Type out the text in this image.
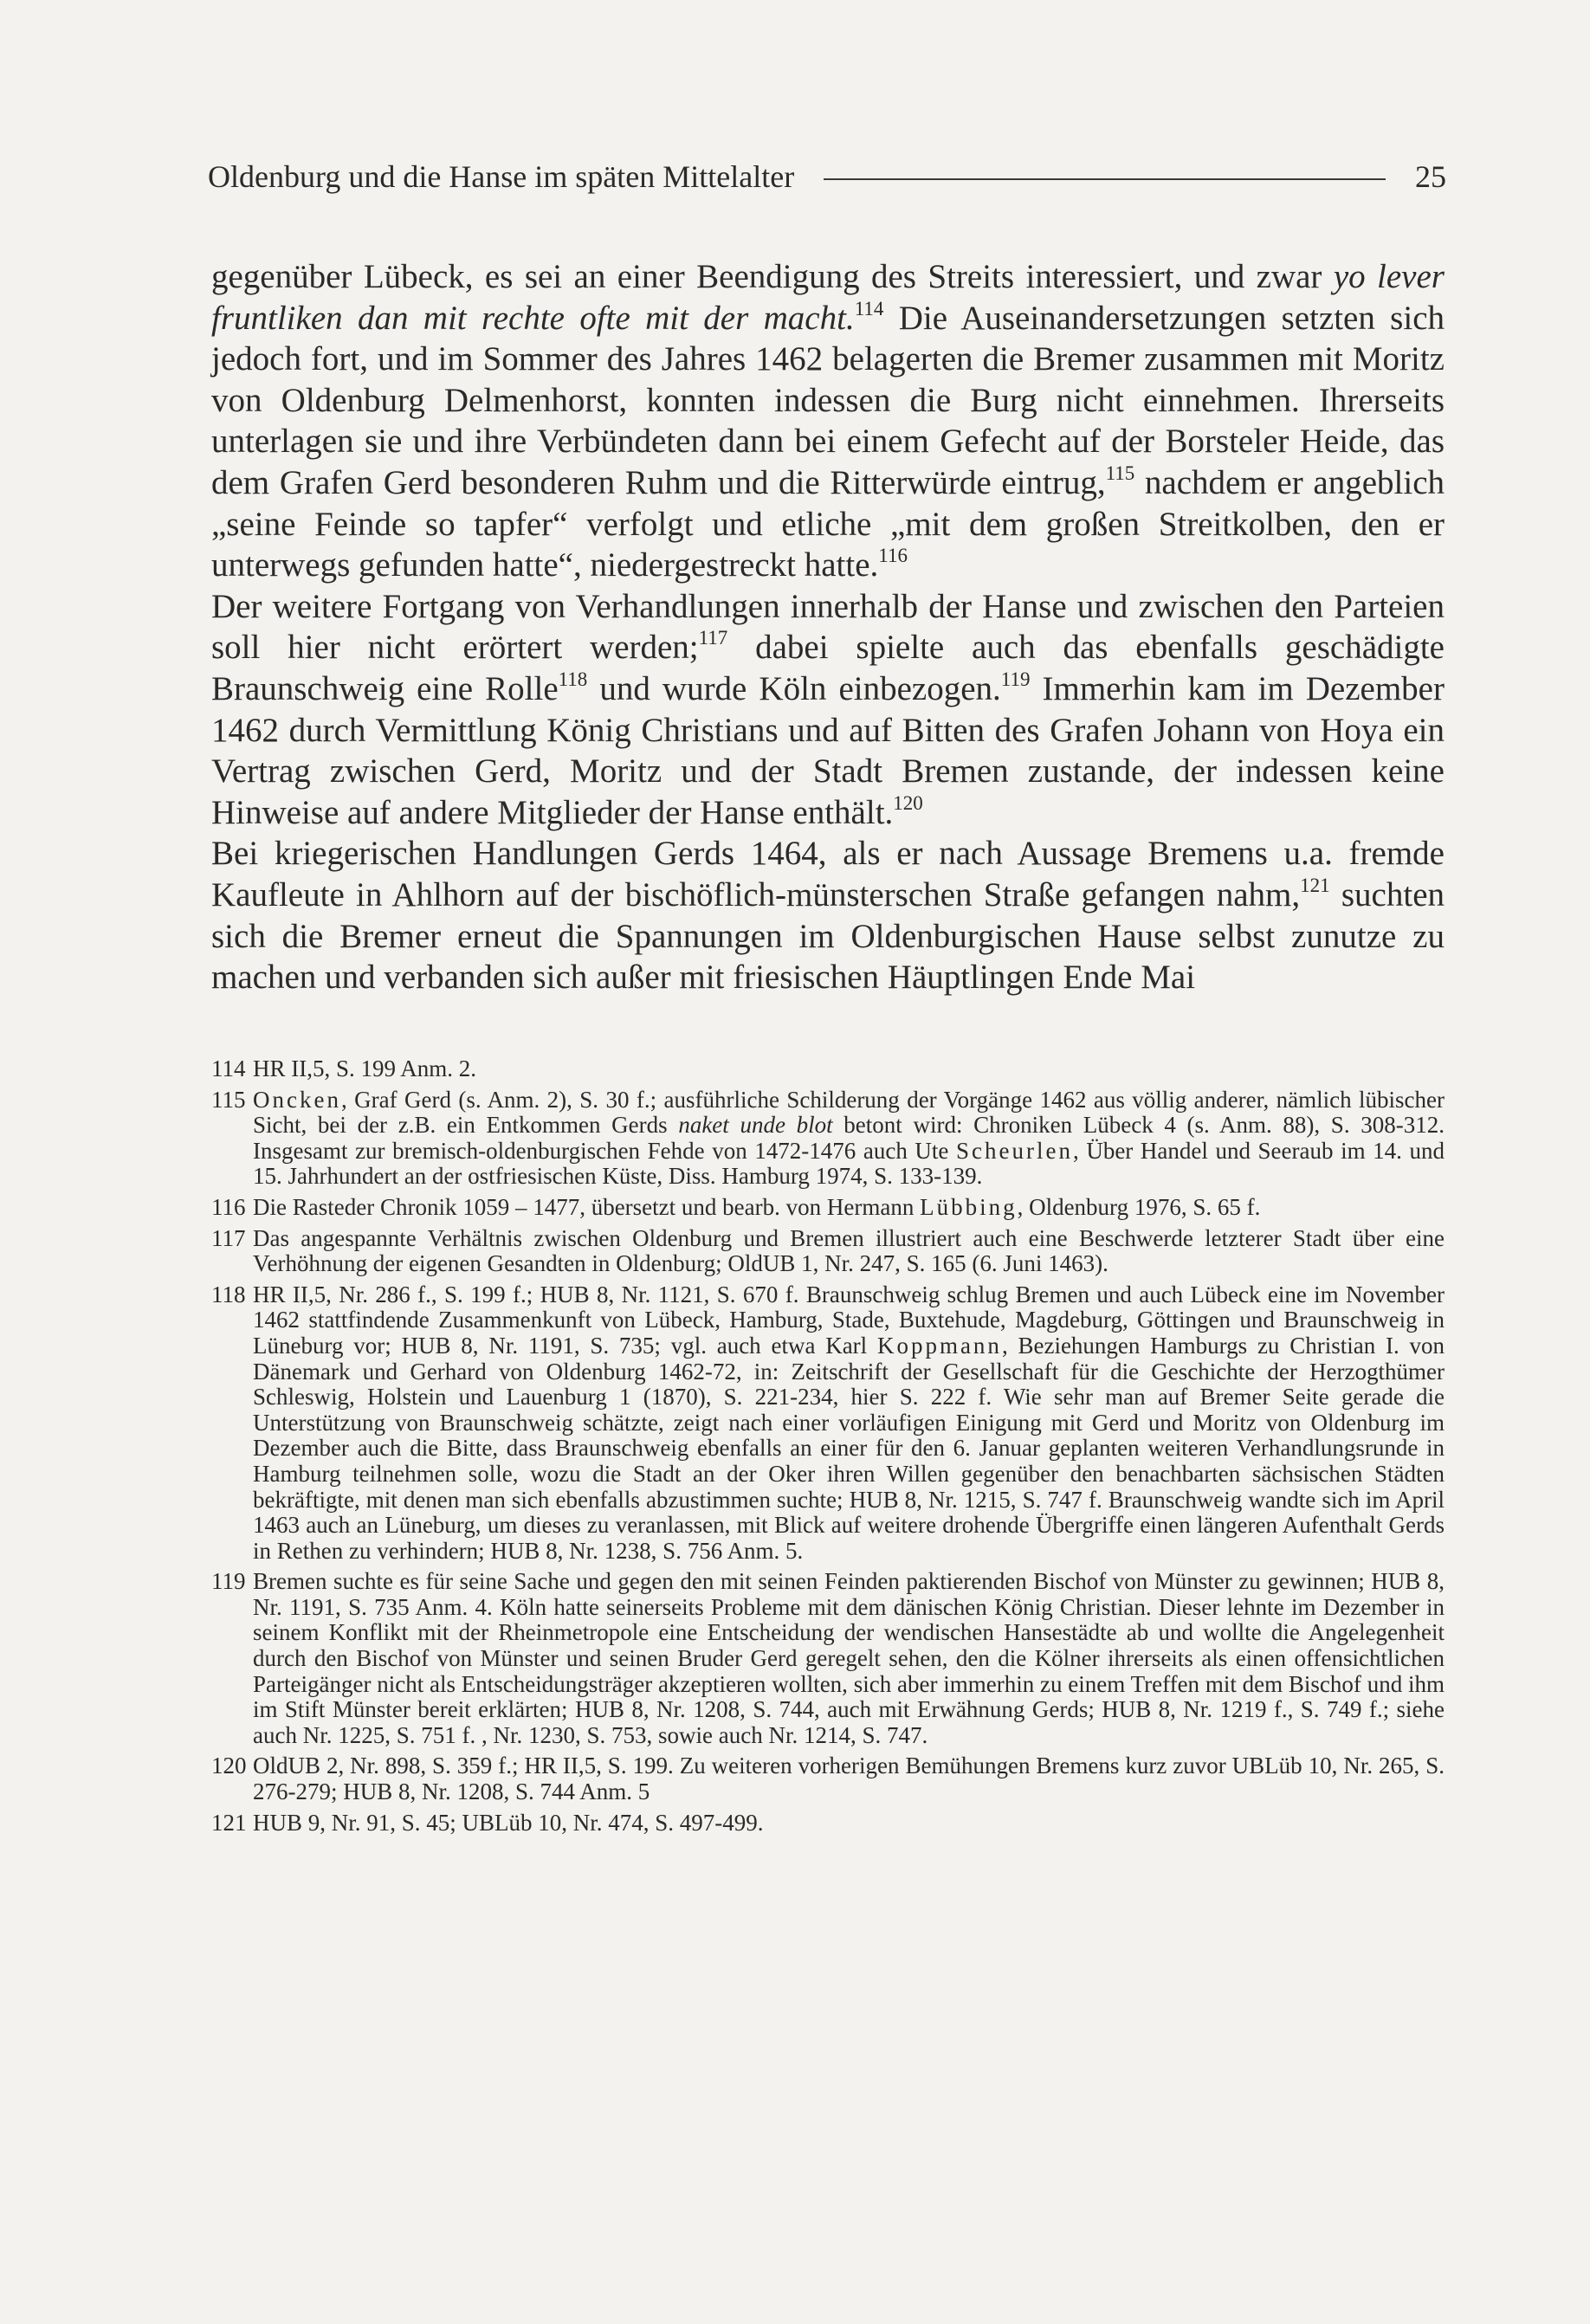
Oldenburg und die Hanse im späten Mittelalter	25

gegenüber Lübeck, es sei an einer Beendigung des Streits interessiert, und zwar yo lever fruntliken dan mit rechte ofte mit der macht.$^{114}$ Die Auseinandersetzungen setzten sich jedoch fort, und im Sommer des Jahres 1462 belagerten die Bremer zusammen mit Moritz von Oldenburg Delmenhorst, konnten indessen die Burg nicht einnehmen. Ihrerseits unterlagen sie und ihre Verbündeten dann bei einem Gefecht auf der Borsteler Heide, das dem Grafen Gerd besonderen Ruhm und die Ritterwürde eintrug,$^{115}$ nachdem er angeblich „seine Feinde so tapfer“ verfolgt und etliche „mit dem großen Streitkolben, den er unterwegs gefunden hatte“, niedergestreckt hatte.$^{116}$

Der weitere Fortgang von Verhandlungen innerhalb der Hanse und zwischen den Parteien soll hier nicht erörtert werden;$^{117}$ dabei spielte auch das ebenfalls geschädigte Braunschweig eine Rolle$^{118}$ und wurde Köln einbezogen.$^{119}$ Immerhin kam im Dezember 1462 durch Vermittlung König Christians und auf Bitten des Grafen Johann von Hoya ein Vertrag zwischen Gerd, Moritz und der Stadt Bremen zustande, der indessen keine Hinweise auf andere Mitglieder der Hanse enthält.$^{120}$

Bei kriegerischen Handlungen Gerds 1464, als er nach Aussage Bremens u.a. fremde Kaufleute in Ahlhorn auf der bischöflich-münsterschen Straße gefangen nahm,$^{121}$ suchten sich die Bremer erneut die Spannungen im Oldenburgischen Hause selbst zunutze zu machen und verbanden sich außer mit friesischen Häuptlingen Ende Mai

114 HR II,5, S. 199 Anm. 2.
115 Oncken, Graf Gerd (s. Anm. 2), S. 30 f.; ausführliche Schilderung der Vorgänge 1462 aus völlig anderer, nämlich lübischer Sicht, bei der z.B. ein Entkommen Gerds naket unde blot betont wird: Chroniken Lübeck 4 (s. Anm. 88), S. 308-312. Insgesamt zur bremisch-oldenburgischen Fehde von 1472-1476 auch Ute Scheurlen, Über Handel und Seeraub im 14. und 15. Jahrhundert an der ostfriesischen Küste, Diss. Hamburg 1974, S. 133-139.
116 Die Rasteder Chronik 1059 – 1477, übersetzt und bearb. von Hermann Lübbing, Oldenburg 1976, S. 65 f.
117 Das angespannte Verhältnis zwischen Oldenburg und Bremen illustriert auch eine Beschwerde letzterer Stadt über eine Verhöhnung der eigenen Gesandten in Oldenburg; OldUB 1, Nr. 247, S. 165 (6. Juni 1463).
118 HR II,5, Nr. 286 f., S. 199 f.; HUB 8, Nr. 1121, S. 670 f. Braunschweig schlug Bremen und auch Lübeck eine im November 1462 stattfindende Zusammenkunft von Lübeck, Hamburg, Stade, Buxtehude, Magdeburg, Göttingen und Braunschweig in Lüneburg vor; HUB 8, Nr. 1191, S. 735; vgl. auch etwa Karl Koppmann, Beziehungen Hamburgs zu Christian I. von Dänemark und Gerhard von Oldenburg 1462-72, in: Zeitschrift der Gesellschaft für die Geschichte der Herzogthümer Schleswig, Holstein und Lauenburg 1 (1870), S. 221-234, hier S. 222 f. Wie sehr man auf Bremer Seite gerade die Unterstützung von Braunschweig schätzte, zeigt nach einer vorläufigen Einigung mit Gerd und Moritz von Oldenburg im Dezember auch die Bitte, dass Braunschweig ebenfalls an einer für den 6. Januar geplanten weiteren Verhandlungsrunde in Hamburg teilnehmen solle, wozu die Stadt an der Oker ihren Willen gegenüber den benachbarten sächsischen Städten bekräftigte, mit denen man sich ebenfalls abzustimmen suchte; HUB 8, Nr. 1215, S. 747 f. Braunschweig wandte sich im April 1463 auch an Lüneburg, um dieses zu veranlassen, mit Blick auf weitere drohende Übergriffe einen längeren Aufenthalt Gerds in Rethen zu verhindern; HUB 8, Nr. 1238, S. 756 Anm. 5.
119 Bremen suchte es für seine Sache und gegen den mit seinen Feinden paktierenden Bischof von Münster zu gewinnen; HUB 8, Nr. 1191, S. 735 Anm. 4. Köln hatte seinerseits Probleme mit dem dänischen König Christian. Dieser lehnte im Dezember in seinem Konflikt mit der Rheinmetropole eine Entscheidung der wendischen Hansestädte ab und wollte die Angelegenheit durch den Bischof von Münster und seinen Bruder Gerd geregelt sehen, den die Kölner ihrerseits als einen offensichtlichen Parteigänger nicht als Entscheidungsträger akzeptieren wollten, sich aber immerhin zu einem Treffen mit dem Bischof und ihm im Stift Münster bereit erklärten; HUB 8, Nr. 1208, S. 744, auch mit Erwähnung Gerds; HUB 8, Nr. 1219 f., S. 749 f.; siehe auch Nr. 1225, S. 751 f. , Nr. 1230, S. 753, sowie auch Nr. 1214, S. 747.
120 OldUB 2, Nr. 898, S. 359 f.; HR II,5, S. 199. Zu weiteren vorherigen Bemühungen Bremens kurz zuvor UBLüb 10, Nr. 265, S. 276-279; HUB 8, Nr. 1208, S. 744 Anm. 5
121 HUB 9, Nr. 91, S. 45; UBLüb 10, Nr. 474, S. 497-499.
